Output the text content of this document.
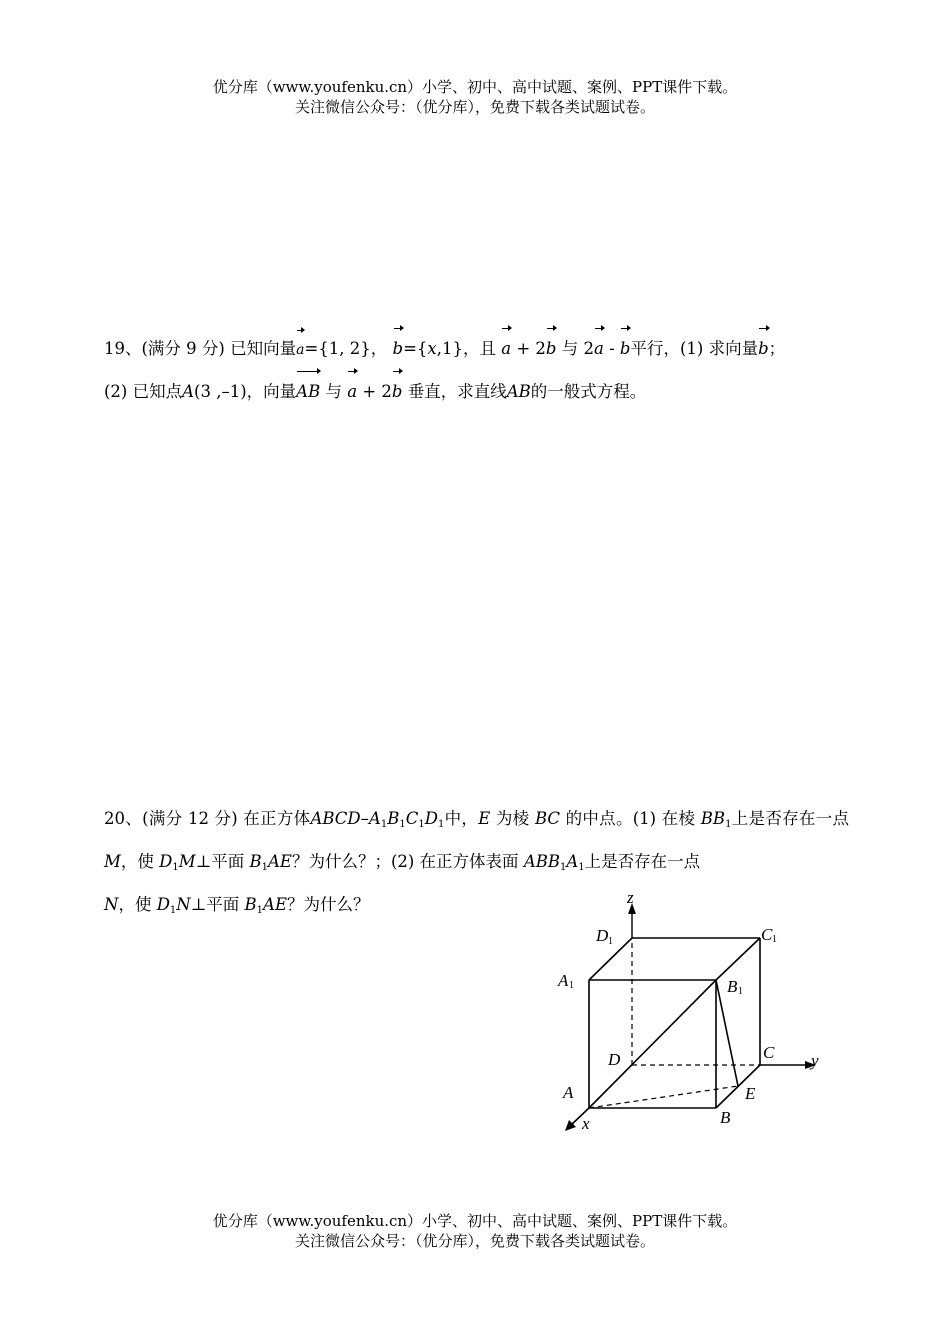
优分库（www.youfenku.cn）小学、初中、高中试题、案例、PPT课件下载。
关注微信公众号：（优分库），免费下载各类试题试卷。
19、(满分 9 分) 已知向量a={1, 2}， b={x,1}，且 a + 2b 与 2a - b平行，(1) 求向量b；
(2) 已知点A(3 ,–1)，向量AB 与 a + 2b 垂直，求直线AB的一般式方程。
20、(满分 12 分) 在正方体ABCD–$A_1B_1C_1D_1$中，E 为棱 BC 的中点。(1) 在棱 $BB_1$上是否存在一点 M，使 $D_1M\perp$平面 $B_1AE$？为什么？；(2) 在正方体表面 $ABB_1A_1$上是否存在一点
N，使 $D_1N\perp$平面 $B_1AE$？为什么？	z
y
x
D 1	C 1
A 1	B 1
D	C
A
B
E
优分库（www.youfenku.cn）小学、初中、高中试题、案例、PPT课件下载。
关注微信公众号：（优分库），免费下载各类试题试卷。
